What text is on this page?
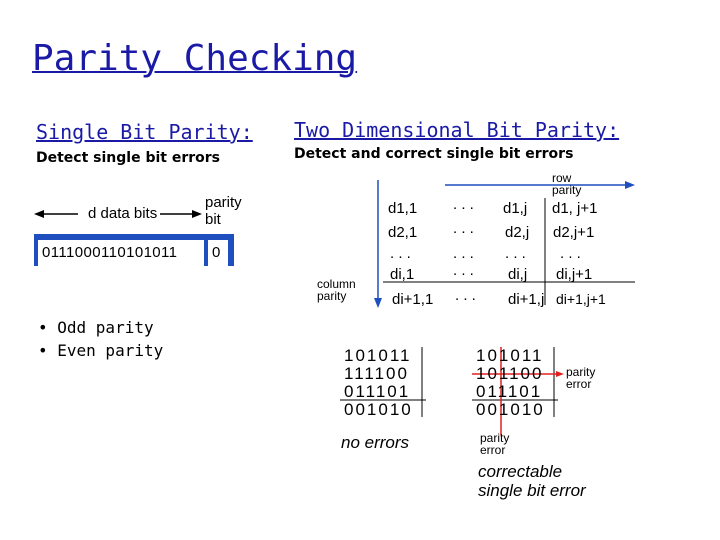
Parity Checking
Single Bit Parity:
Detect single bit errors
d data bits
parity
bit
0111000110101011 0
• Odd parity
• Even parity
Two Dimensional Bit Parity:
Detect and correct single bit errors
row
parity
column
parity
d1,1 . . . d1,j d1, j+1
d2,1 . . . d2,j d2,j+1
. . .	. . . . . . . . .
di,1	. . . di,j di,j+1
di+1,1 . . . di+1,j di+1,j+1
101011
111100
011101
001010
no errors
101011
101100
011101
001010
parity error
parity error
correctable
single bit error
